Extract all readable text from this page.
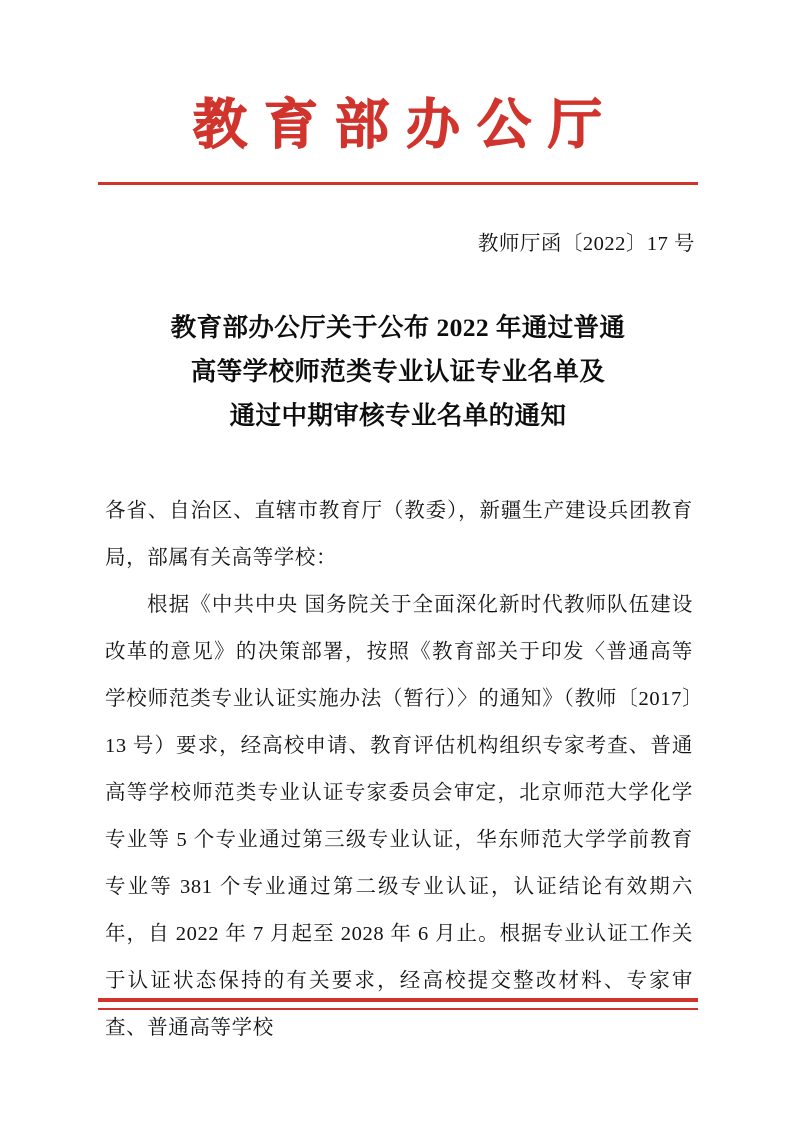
教育部办公厅
教师厅函〔2022〕17 号
教育部办公厅关于公布 2022 年通过普通
高等学校师范类专业认证专业名单及
通过中期审核专业名单的通知

各省、自治区、直辖市教育厅（教委），新疆生产建设兵团教育局，部属有关高等学校：

根据《中共中央 国务院关于全面深化新时代教师队伍建设改革的意见》的决策部署，按照《教育部关于印发〈普通高等学校师范类专业认证实施办法（暂行）〉的通知》（教师〔2017〕13 号）要求，经高校申请、教育评估机构组织专家考查、普通高等学校师范类专业认证专家委员会审定，北京师范大学化学专业等 5 个专业通过第三级专业认证，华东师范大学学前教育专业等 381 个专业通过第二级专业认证，认证结论有效期六年，自 2022 年 7 月起至 2028 年 6 月止。根据专业认证工作关于认证状态保持的有关要求，经高校提交整改材料、专家审查、普通高等学校
